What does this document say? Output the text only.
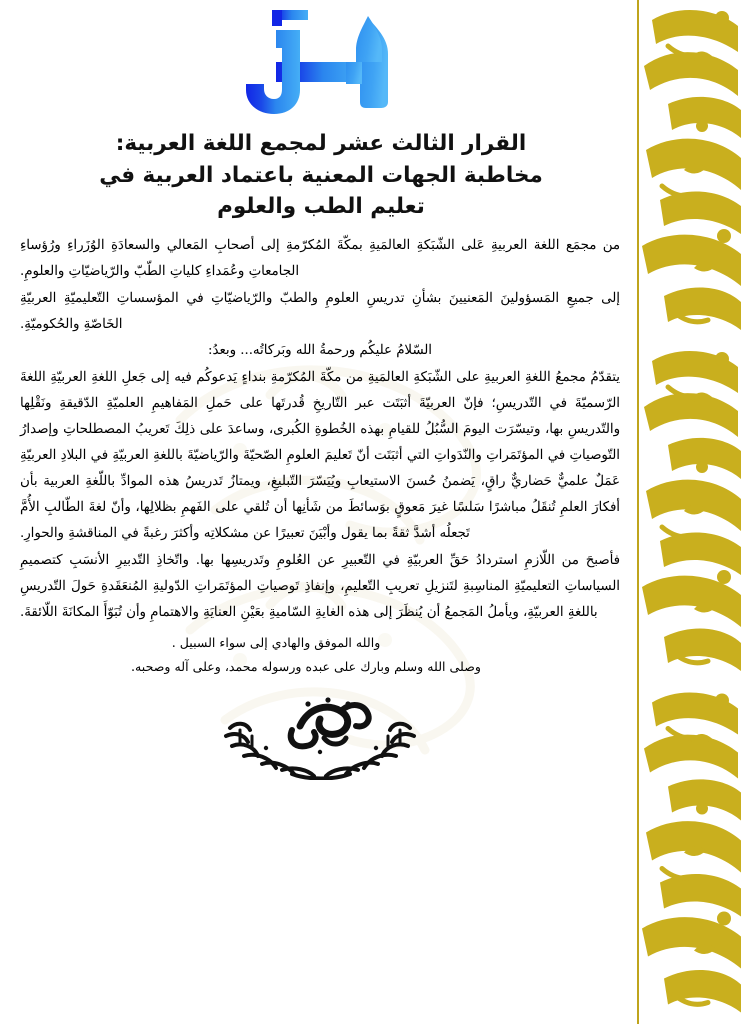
القرار الثالث عشر لمجمع اللغة العربية:
مخاطبة الجهات المعنية باعتماد العربية في
تعليم الطب والعلوم

من مجمَع اللغة العربيةِ عَلى الشّبَكةِ العالمَيةِ بمكّةَ المُكرّمةِ إلى أصحابِ المَعالي والسعادَةِ الوُزَراءِ ورُؤساءِ الجامعاتِ وعُمَداءِ كلياتِ الطّبّ والرّياضيّاتِ والعلومِ.

إلى جميعِ المَسؤولينَ المَعنيينَ بشأنِ تدريسِ العلومِ والطبّ والرّياضيّاتِ في المؤسساتِ التّعليميّةِ العربيّةِ الخَاصّةِ والحُكوميّةِ.

السّلامُ عليكُم ورحمةُ الله وبَركاتُه... وبعدُ:

يتقدّمُ مجمعُ اللغةِ العربيةِ على الشّبَكةِ العالمَيةِ من مكّةَ المُكرّمةِ بنداءٍ يَدعوكُم فيه إلى جَعلِ اللغةِ العربيّةِ اللغةَ الرّسميّةَ في التّدريسِ؛ فإنّ العربيّةَ أثبَتَت عبر التّاريخِ قُدرتَها على حَملِ المَفاهيمِ العلميّةِ الدّقيقةِ ونَقْلِها والتّدريسِ بها، وتيسّرَت اليومَ السُّبُلُ للقيامِ بهذه الخُطوةِ الكُبرى، وساعدَ على ذلِكَ تَعريبُ المصطلحاتِ وإصدارُ التّوصياتِ في المؤتَمَراتِ والنّدَواتِ التي أثبَتَت أنّ تَعليمَ العلومِ الصّحيّةَ والرّياضيّةَ باللغةِ العربيّةِ في البلادِ العربيّةِ عَمَلٌ علميٌّ حَضاريٌّ راقٍ، يَضمنُ حُسنَ الاستيعابِ ويُيَسّرَ التّبليغِ، ويمتازُ تَدريسُ هذه الموادِّ باللّغةِ العربية بأن أفكارَ العلمِ تُنقَلُ مباشرًا سَلسًا غيرَ مَعوقٍ بوَسائطَ من شَأنِها أن تُلقي على الفَهمِ بظلالِها، وأنّ لغةَ الطّالبِ الأُمَّ تَجعلُه أشدَّ ثقةً بما يقول وأبْيَنَ تعبيرًا عن مشكلاتِه وأكثرَ رغبةً في المناقشةِ والحوارِ.

فأصبحَ من اللّازمِ استردادُ حَقِّ العربيّةِ في التّعبيرِ عن العُلومِ وتَدريسِها بها. واتّخاذِ التّدبيرِ الأنسَبِ كتصميمِ السياساتِ التعليميّةِ المناسِبةِ لتَنزيلِ تعريبِ التّعليمِ، وإنفاذِ تَوصياتِ المؤتَمَراتِ الدّوليةِ المُنعَقَدةِ حَولَ التّدريسِ باللغةِ العربيّةِ، ويأملُ المَجمعُ أن يُنظَرَ إلى هذه الغايةِ السّاميةِ بعَيْنِ العنايَةِ والاهتمامِ وأن تُبَوّأَ المكانَةَ اللّائقةَ.

والله الموفق والهادي إلى سواء السبيل .
وصلى الله وسلم وبارك على عبده ورسوله محمد، وعلى آله وصحبه.
